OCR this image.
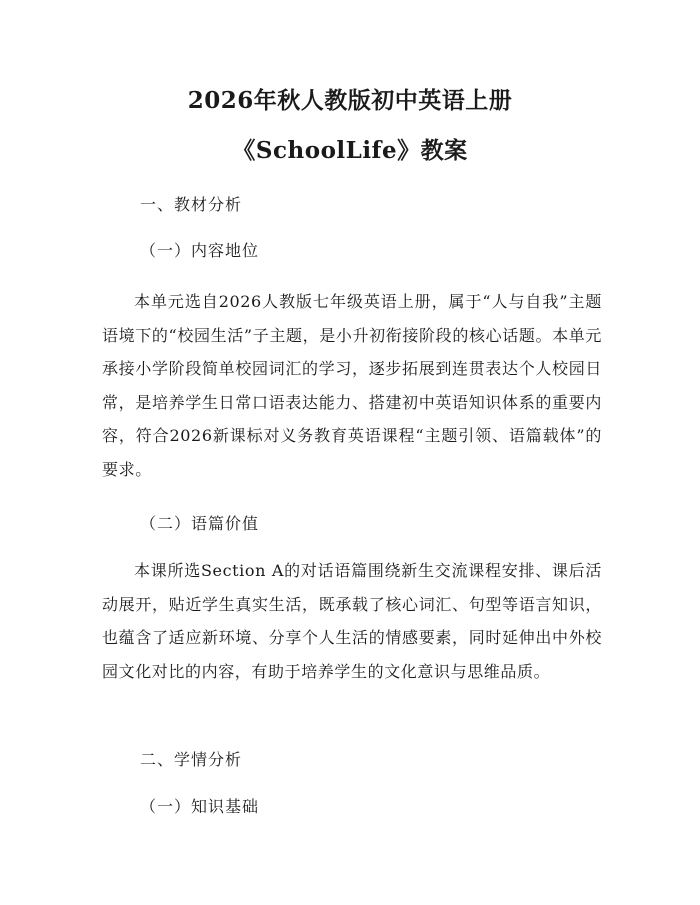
2026年秋人教版初中英语上册
《SchoolLife》教案
一、教材分析
（一）内容地位

本单元选自2026人教版七年级英语上册，属于“人与自我”主题语境下的“校园生活”子主题，是小升初衔接阶段的核心话题。本单元承接小学阶段简单校园词汇的学习，逐步拓展到连贯表达个人校园日常，是培养学生日常口语表达能力、搭建初中英语知识体系的重要内容，符合2026新课标对义务教育英语课程“主题引领、语篇载体”的要求。

（二）语篇价值

本课所选Section A的对话语篇围绕新生交流课程安排、课后活动展开，贴近学生真实生活，既承载了核心词汇、句型等语言知识，也蕴含了适应新环境、分享个人生活的情感要素，同时延伸出中外校园文化对比的内容，有助于培养学生的文化意识与思维品质。

二、学情分析
（一）知识基础
